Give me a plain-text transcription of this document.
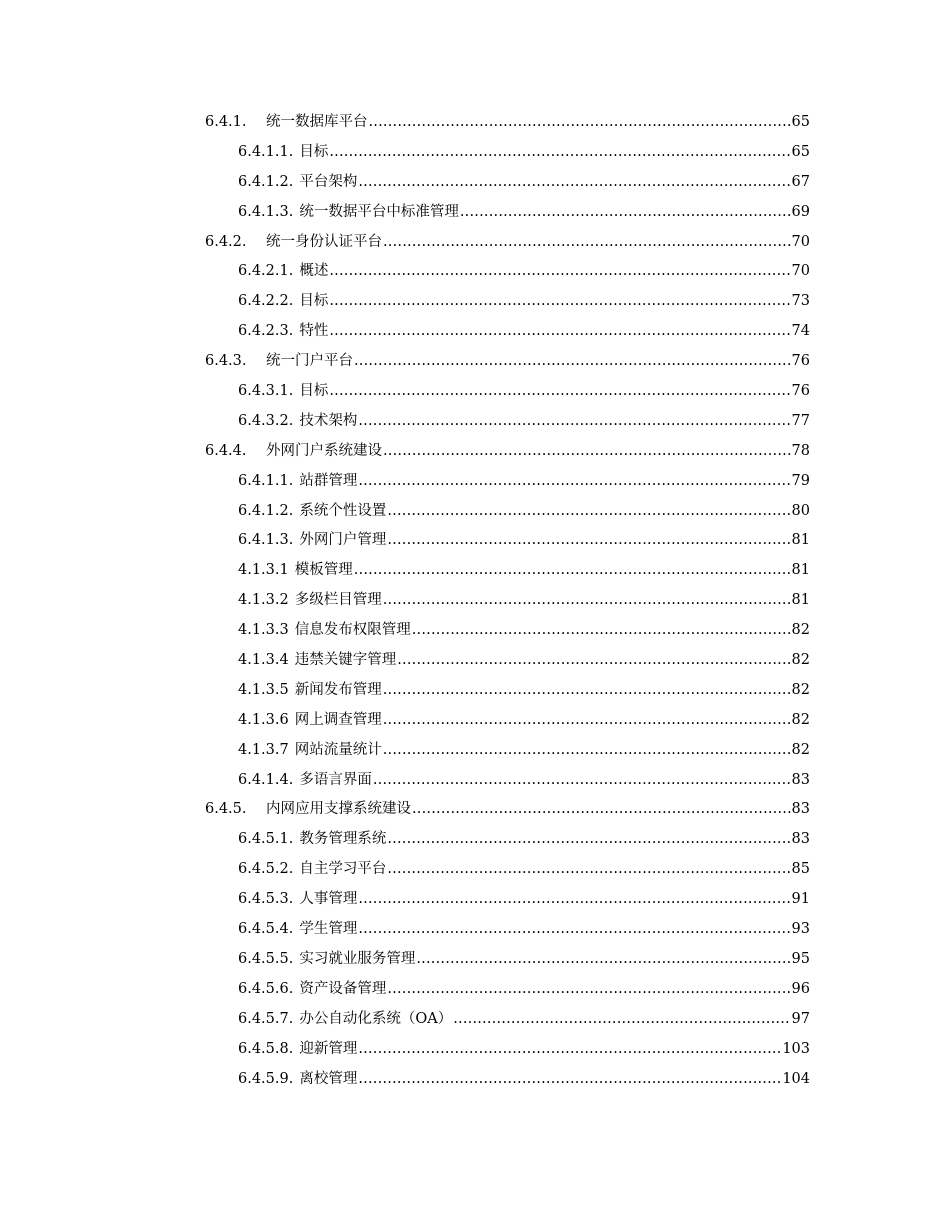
6.4.1.	统一数据库平台 .....	65
6.4.1.1. 目标 .....	65
6.4.1.2. 平台架构 .....	67
6.4.1.3. 统一数据平台中标准管理 .....	69
6.4.2.	统一身份认证平台 .....	70
6.4.2.1. 概述 .....	70
6.4.2.2. 目标 .....	73
6.4.2.3. 特性 .....	74
6.4.3.	统一门户平台 .....	76
6.4.3.1. 目标 .....	76
6.4.3.2. 技术架构 .....	77
6.4.4.	外网门户系统建设 .....	78
6.4.1.1. 站群管理 .....	79
6.4.1.2. 系统个性设置 .....	80
6.4.1.3. 外网门户管理 .....	81
4.1.3.1 模板管理 .....	81
4.1.3.2 多级栏目管理 .....	81
4.1.3.3 信息发布权限管理 .....	82
4.1.3.4 违禁关键字管理 .....	82
4.1.3.5 新闻发布管理 .....	82
4.1.3.6 网上调查管理 .....	82
4.1.3.7 网站流量统计 .....	82
6.4.1.4. 多语言界面 .....	83
6.4.5.	内网应用支撑系统建设 .....	83
6.4.5.1. 教务管理系统 .....	83
6.4.5.2. 自主学习平台 .....	85
6.4.5.3. 人事管理 .....	91
6.4.5.4. 学生管理 .....	93
6.4.5.5. 实习就业服务管理 .....	95
6.4.5.6. 资产设备管理 .....	96
6.4.5.7. 办公自动化系统（OA） .....	97
6.4.5.8. 迎新管理 .....	103
6.4.5.9. 离校管理 .....	104
